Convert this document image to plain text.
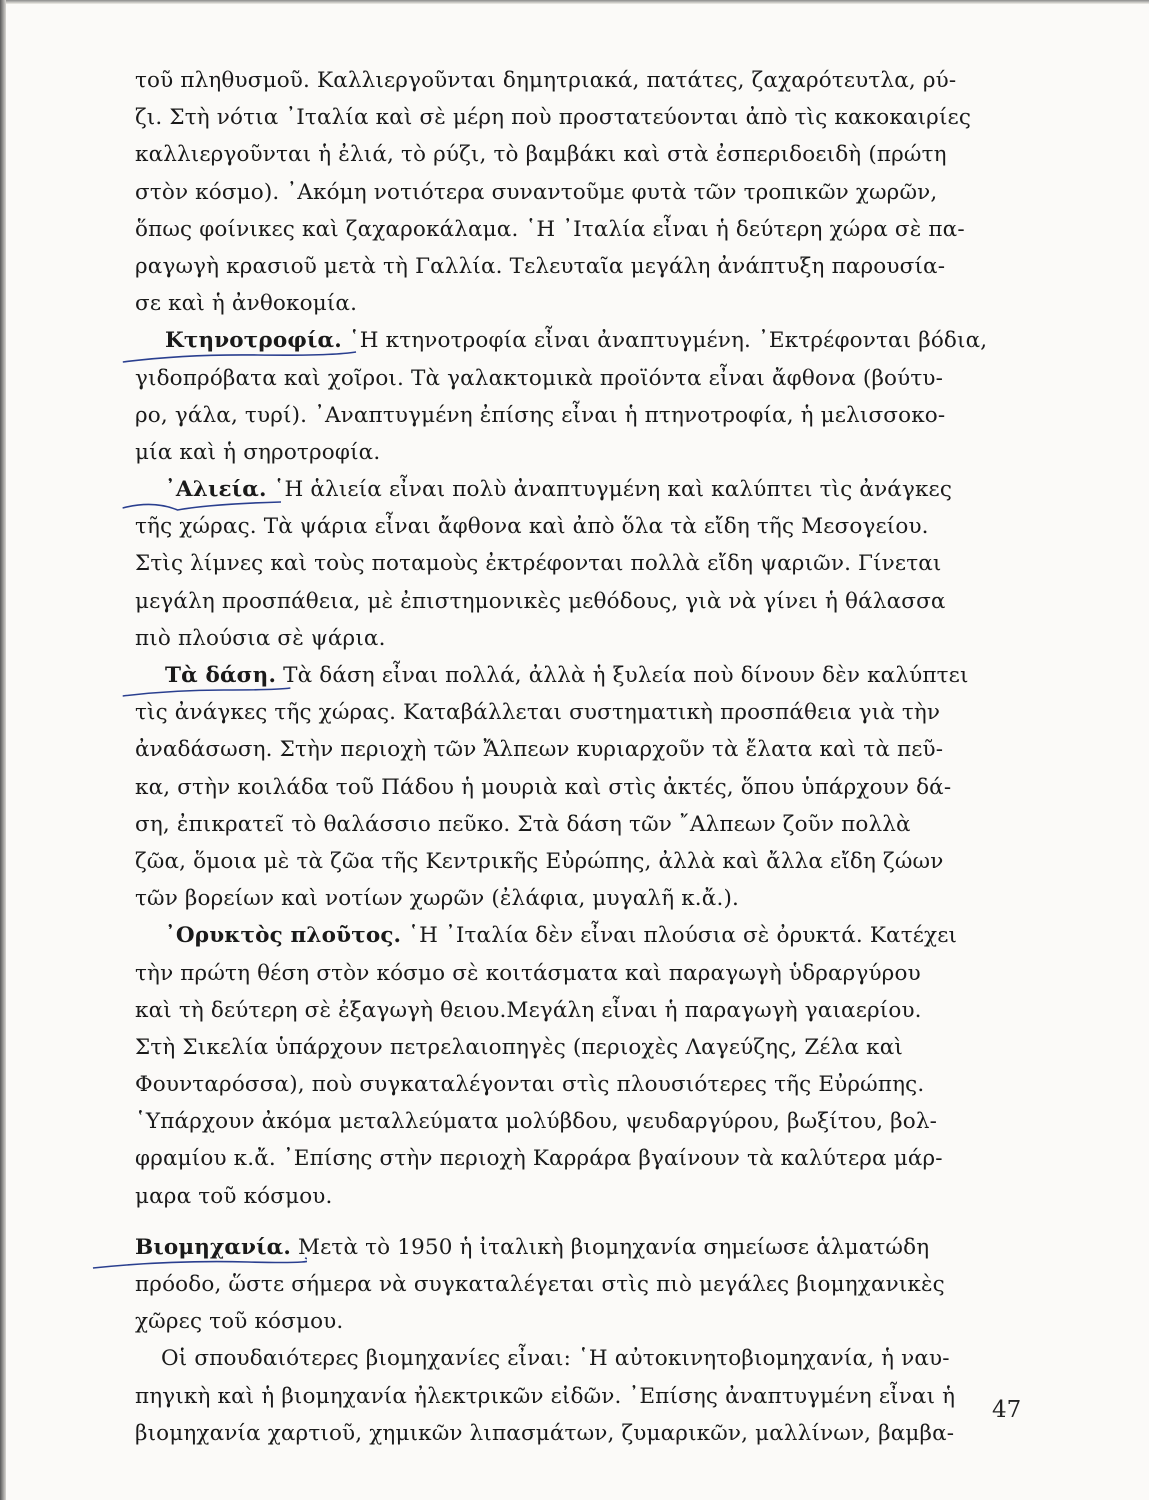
τοῦ πληθυσμοῦ. Καλλιεργοῦνται δημητριακά, πατάτες, ζαχαρότευτλα, ρύ-
ζι. Στὴ νότια ᾿Ιταλία καὶ σὲ μέρη ποὺ προστατεύονται ἀπὸ τὶς κακοκαιρίες
καλλιεργοῦνται ἡ ἐλιά, τὸ ρύζι, τὸ βαμβάκι καὶ στὰ ἐσπεριδοειδὴ (πρώτη
στὸν κόσμο). ᾿Ακόμη νοτιότερα συναντοῦμε φυτὰ τῶν τροπικῶν χωρῶν,
ὅπως φοίνικες καὶ ζαχαροκάλαμα. ῾Η ᾿Ιταλία εἶναι ἡ δεύτερη χώρα σὲ πα-
ραγωγὴ κρασιοῦ μετὰ τὴ Γαλλία. Τελευταῖα μεγάλη ἀνάπτυξη παρουσία-
σε καὶ ἡ ἀνθοκομία.
Κτηνοτροφία.
῾Η κτηνοτροφία εἶναι ἀναπτυγμένη. ᾿Εκτρέφονται βόδια,
γιδοπρόβατα καὶ χοῖροι. Τὰ γαλακτομικὰ προϊόντα εἶναι ἄφθονα (βούτυ-
ρο, γάλα, τυρί). ᾿Αναπτυγμένη ἐπίσης εἶναι ἡ πτηνοτροφία, ἡ μελισσοκο-
μία καὶ ἡ σηροτροφία.
᾿Αλιεία.
῾Η ἁλιεία εἶναι πολὺ ἀναπτυγμένη καὶ καλύπτει τὶς ἀνάγκες
τῆς χώρας. Τὰ ψάρια εἶναι ἄφθονα καὶ ἀπὸ ὅλα τὰ εἴδη τῆς Μεσογείου.
Στὶς λίμνες καὶ τοὺς ποταμοὺς ἐκτρέφονται πολλὰ εἴδη ψαριῶν. Γίνεται
μεγάλη προσπάθεια, μὲ ἐπιστημονικὲς μεθόδους, γιὰ νὰ γίνει ἡ θάλασσα
πιὸ πλούσια σὲ ψάρια.
Τὰ δάση.
Τὰ δάση εἶναι πολλά, ἀλλὰ ἡ ξυλεία ποὺ δίνουν δὲν καλύπτει
τὶς ἀνάγκες τῆς χώρας. Καταβάλλεται συστηματικὴ προσπάθεια γιὰ τὴν
ἀναδάσωση. Στὴν περιοχὴ τῶν Ἄλπεων κυριαρχοῦν τὰ ἔλατα καὶ τὰ πεῦ-
κα, στὴν κοιλάδα τοῦ Πάδου ἡ μουριὰ καὶ στὶς ἀκτές, ὅπου ὑπάρχουν δά-
ση, ἐπικρατεῖ τὸ θαλάσσιο πεῦκο. Στὰ δάση τῶν ῎Αλπεων ζοῦν πολλὰ
ζῶα, ὅμοια μὲ τὰ ζῶα τῆς Κεντρικῆς Εὐρώπης, ἀλλὰ καὶ ἄλλα εἴδη ζώων
τῶν βορείων καὶ νοτίων χωρῶν (ἐλάφια, μυγαλῆ κ.ἄ.).
᾿Ορυκτὸς πλοῦτος. ῾Η ᾿Ιταλία δὲν εἶναι πλούσια σὲ ὀρυκτά. Κατέχει
τὴν πρώτη θέση στὸν κόσμο σὲ κοιτάσματα καὶ παραγωγὴ ὑδραργύρου
καὶ τὴ δεύτερη σὲ ἐξαγωγὴ θειου.Μεγάλη εἶναι ἡ παραγωγὴ γαιαερίου.
Στὴ Σικελία ὑπάρχουν πετρελαιοπηγὲς (περιοχὲς Λαγεύζης, Ζέλα καὶ
Φουνταρόσσα), ποὺ συγκαταλέγονται στὶς πλουσιότερες τῆς Εὐρώπης.
῾Υπάρχουν ἀκόμα μεταλλεύματα μολύβδου, ψευδαργύρου, βωξίτου, βολ-
φραμίου κ.ἄ. ᾿Επίσης στὴν περιοχὴ Καρράρα βγαίνουν τὰ καλύτερα μάρ-
μαρα τοῦ κόσμου.
Βιομηχανία.
Μετὰ τὸ 1950 ἡ ἰταλικὴ βιομηχανία σημείωσε ἁλματώδη
πρόοδο, ὥστε σήμερα νὰ συγκαταλέγεται στὶς πιὸ μεγάλες βιομηχανικὲς
χῶρες τοῦ κόσμου.
Οἱ σπουδαιότερες βιομηχανίες εἶναι: ῾Η αὐτοκινητοβιομηχανία, ἡ ναυ-
πηγικὴ καὶ ἡ βιομηχανία ἠλεκτρικῶν εἰδῶν. ᾿Επίσης ἀναπτυγμένη εἶναι ἡ
βιομηχανία χαρτιοῦ, χημικῶν λιπασμάτων, ζυμαρικῶν, μαλλίνων, βαμβα-
47
